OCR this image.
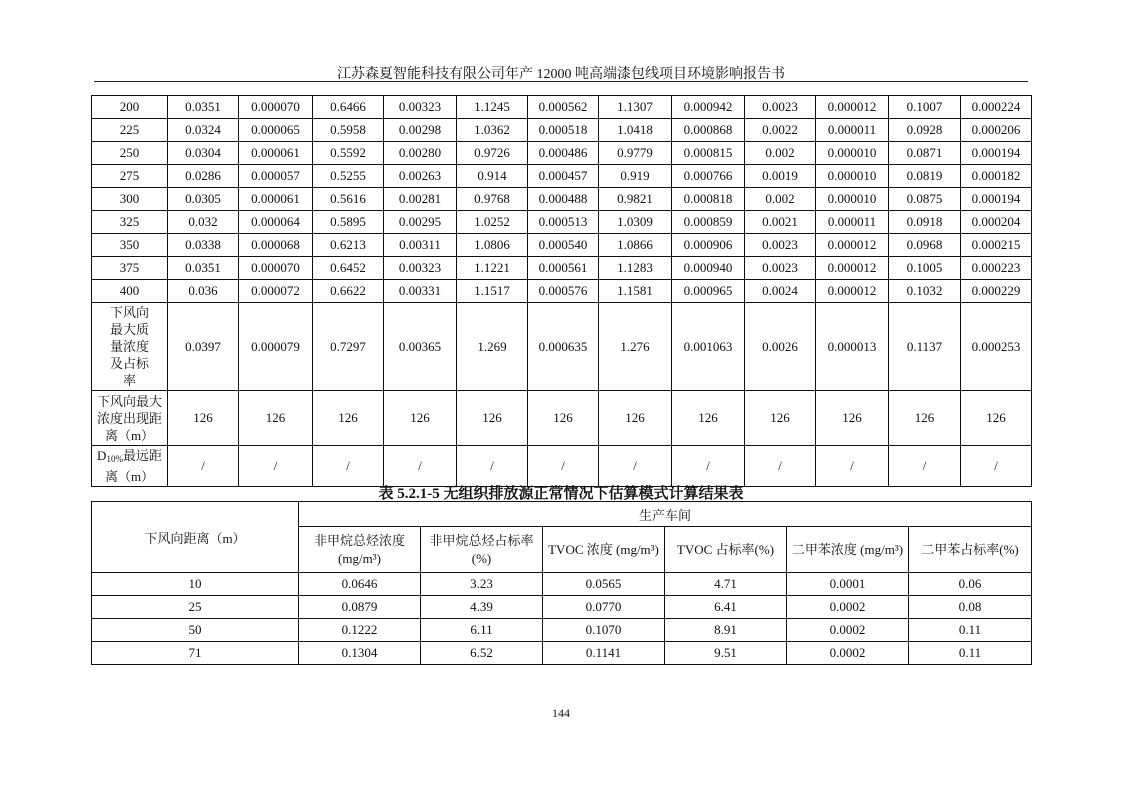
江苏森夏智能科技有限公司年产 12000 吨高端漆包线项目环境影响报告书
200	0.0351	0.000070	0.6466	0.00323	1.1245	0.000562	1.1307	0.000942	0.0023	0.000012	0.1007	0.000224
225	0.0324	0.000065	0.5958	0.00298	1.0362	0.000518	1.0418	0.000868	0.0022	0.000011	0.0928	0.000206
250	0.0304	0.000061	0.5592	0.00280	0.9726	0.000486	0.9779	0.000815	0.002	0.000010	0.0871	0.000194
275	0.0286	0.000057	0.5255	0.00263	0.914	0.000457	0.919	0.000766	0.0019	0.000010	0.0819	0.000182
300	0.0305	0.000061	0.5616	0.00281	0.9768	0.000488	0.9821	0.000818	0.002	0.000010	0.0875	0.000194
325	0.032	0.000064	0.5895	0.00295	1.0252	0.000513	1.0309	0.000859	0.0021	0.000011	0.0918	0.000204
350	0.0338	0.000068	0.6213	0.00311	1.0806	0.000540	1.0866	0.000906	0.0023	0.000012	0.0968	0.000215
375	0.0351	0.000070	0.6452	0.00323	1.1221	0.000561	1.1283	0.000940	0.0023	0.000012	0.1005	0.000223
400	0.036	0.000072	0.6622	0.00331	1.1517	0.000576	1.1581	0.000965	0.0024	0.000012	0.1032	0.000229
下风向最大质量浓度及占标率	0.0397	0.000079	0.7297	0.00365	1.269	0.000635	1.276	0.001063	0.0026	0.000013	0.1137	0.000253
下风向最大浓度出现距离（m）	126	126	126	126	126	126	126	126	126	126	126	126
$D_{10\%}$最远距离（m）	/	/	/	/	/	/	/	/	/	/	/	/
表 5.2.1-5 无组织排放源正常情况下估算模式计算结果表
下风向距离（m）	生产车间					
	非甲烷总烃浓度 (mg/m³)	非甲烷总烃占标率 (%)	TVOC 浓度 (mg/m³)	TVOC 占标率(%)	二甲苯浓度 (mg/m³)	二甲苯占标率(%)
10	0.0646	3.23	0.0565	4.71	0.0001	0.06
25	0.0879	4.39	0.0770	6.41	0.0002	0.08
50	0.1222	6.11	0.1070	8.91	0.0002	0.11
71	0.1304	6.52	0.1141	9.51	0.0002	0.11
144
